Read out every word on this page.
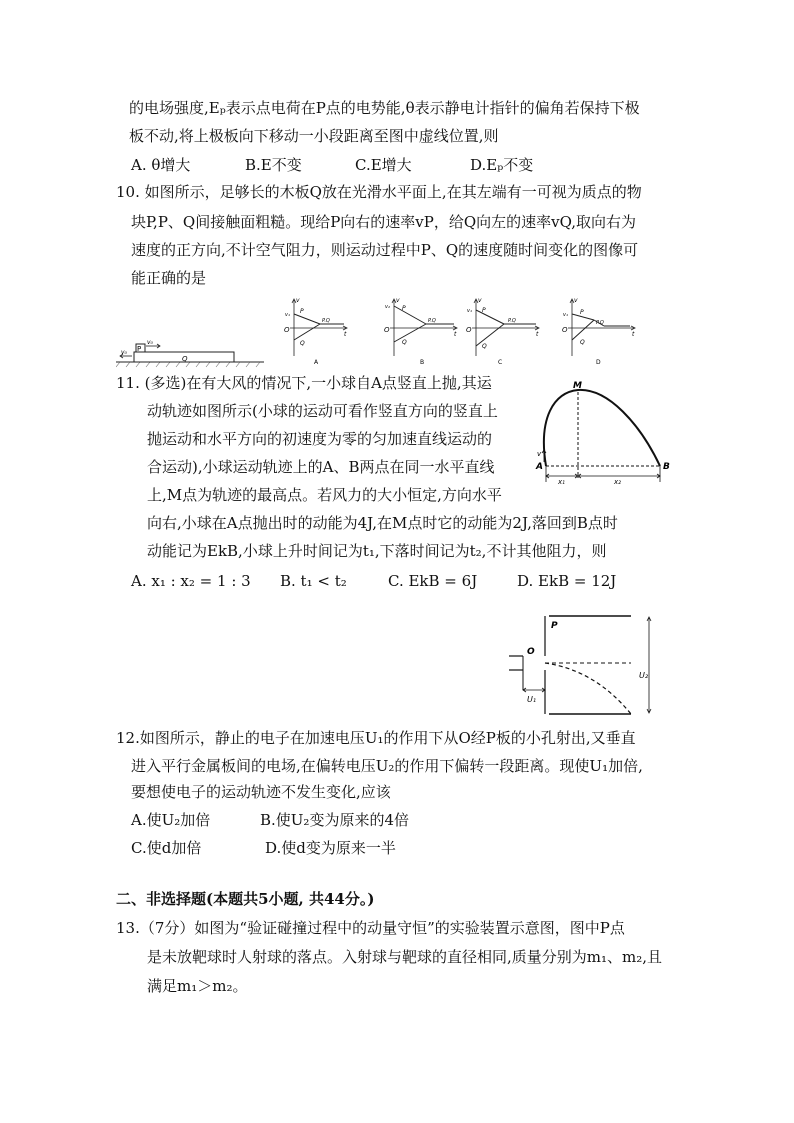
的电场强度,Eₚ表示点电荷在P点的电势能,θ表示静电计指针的偏角若保持下极
板不动,将上极板向下移动一小段距离至图中虚线位置,则
A. θ增大	B.E不变	C.E增大	D.Eₚ不变
10. 如图所示，足够长的木板Q放在光滑水平面上,在其左端有一可视为质点的物
块P,P、Q间接触面粗糙。现给P向右的速率vP，给Q向左的速率vQ,取向右为
速度的正方向,不计空气阻力，则运动过程中P、Q的速度随时间变化的图像可
能正确的是
P
Q
v₀
v₀
v
t
O
v₁ P
Q
P.Q
A
v
t
O
v₂ P
Q
P.Q
B
v
t
O
v₁ P
Q
P.Q
C
v
t
O
v₁ P
Q
P.Q
D
11. (多选)在有大风的情况下,一小球自A点竖直上抛,其运
动轨迹如图所示(小球的运动可看作竖直方向的竖直上
抛运动和水平方向的初速度为零的匀加速直线运动的
合运动),小球运动轨迹上的A、B两点在同一水平直线
上,M点为轨迹的最高点。若风力的大小恒定,方向水平
向右,小球在A点抛出时的动能为4J,在M点时它的动能为2J,落回到B点时
动能记为EkB,小球上升时间记为t₁,下落时间记为t₂,不计其他阻力，则
A. x₁ : x₂ = 1 : 3 B. t₁ < t₂	C. EkB = 6J	D. EkB = 12J
M
A	B
v
x₁	x₂
P
O
U₁
U₂
12.如图所示，静止的电子在加速电压U₁的作用下从O经P板的小孔射出,又垂直
进入平行金属板间的电场,在偏转电压U₂的作用下偏转一段距离。现使U₁加倍,
要想使电子的运动轨迹不发生变化,应该
A.使U₂加倍	B.使U₂变为原来的4倍
C.使d加倍	D.使d变为原来一半
二、非选择题(本题共5小题, 共44分。)
13.（7分）如图为“验证碰撞过程中的动量守恒”的实验装置示意图，图中P点
是未放靶球时人射球的落点。入射球与靶球的直径相同,质量分别为m₁、m₂,且
满足m₁＞m₂。
